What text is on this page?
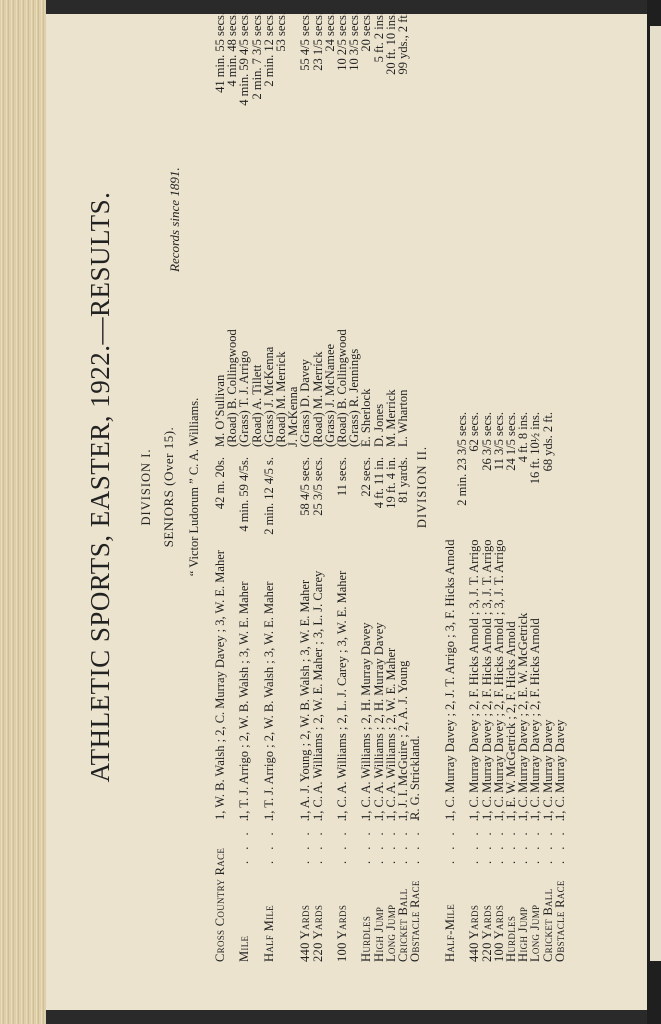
ATHLETIC SPORTS, EASTER, 1922.—RESULTS. DIVISION I. SENIORS (Over 15).
Records since 1891.
“ Victor Ludorum ” C. A. Williams.
Cross Country Race
1, W. B. Walsh ; 2, C. Murray Davey ; 3, W. E. Maher
42 m. 20s.
M. O’Sullivan
41 min. 55 secs.
(Road) B. Collingwood
4 min. 48 secs.
Mile
. . . .
1, T. J. Arrigo ; 2, W. B. Walsh ; 3, W. E. Maher
4 min. 59 4/5s.
(Grass) T. J. Arrigo
4 min. 59 4/5 secs.
(Road) A. Tillett
2 min. 7 3/5 secs.
Half Mile
. . . .
1, T. J. Arrigo ; 2, W. B. Walsh ; 3, W. E. Maher
2 min. 12 4/5 s.
(Grass) J. McKenna
2 min. 12 secs.
(Road) M. Merrick
53 secs.
J. McKenna
440 Yards
. . . .
1, A. J. Young ; 2, W. B. Walsh ; 3, W. E. Maher
58 4/5 secs.
(Grass) D. Davey
55 4/5 secs.
220 Yards
. . . .
1, C. A. Williams ; 2, W. E. Maher ; 3, L. J. Carey
25 3/5 secs.
(Road) M. Merrick
23 1/5 secs.
(Grass) J. McNamee
24 secs.
100 Yards
. . . .
1, C. A. Williams ; 2, L. J. Carey ; 3, W. E. Maher
11 secs.
(Road) B. Collingwood
10 2/5 secs.
(Grass) R. Jennings
10 3/5 secs.
Hurdles
. . . .
1, C. A. Williams ; 2, H. Murray Davey
22 secs.
E. Sherlock
20 secs.
High Jump
. . . .
1, C. A. Williams ; 2, H. Murray Davey
4 ft. 11 in.
D. Jones
5 ft. 2 ins.
Long Jump
. . . .
1, C. A. Williams ; 2, W. E. Maher
19 ft. 4 in.
M. Merrick
20 ft. 10 ins.
Cricket Ball
. . . .
1, J. I. McGuire ; 2, A. J. Young
81 yards.
L. Wharton
99 yds., 2 ft.
Obstacle Race
. . . .
R. G. Strickland.
DIVISION II.
Half-Mile
. . . .
1, C. Murray Davey ; 2, J. T. Arrigo ; 3, F. Hicks Arnold
2 min. 23 3/5 secs.
440 Yards
. . . .
1, C. Murray Davey ; 2, F. Hicks Arnold ; 3, J. T. Arrigo
62 secs.
220 Yards
. . . .
1, C. Murray Davey ; 2, F. Hicks Arnold ; 3, J. T. Arrigo
26 3/5 secs.
100 Yards
. . . .
1, C. Murray Davey ; 2, F. Hicks Arnold ; 3, J. T. Arrigo
11 3/5 secs.
Hurdles
. . . .
1, E. W. McGetrick ; 2, F. Hicks Arnold
24 1/5 secs.
High Jump
. . . .
1, C. Murray Davey ; 2, E. W. McGetrick
4 ft. 8 ins.
Long Jump
. . . .
1, C. Murray Davey ; 2, F. Hicks Arnold
16 ft. 10½ ins.
Cricket Ball
. . . .
1, C. Murray Davey
68 yds. 2 ft.
Obstacle Race
. . . .
1, C. Murray Davey
